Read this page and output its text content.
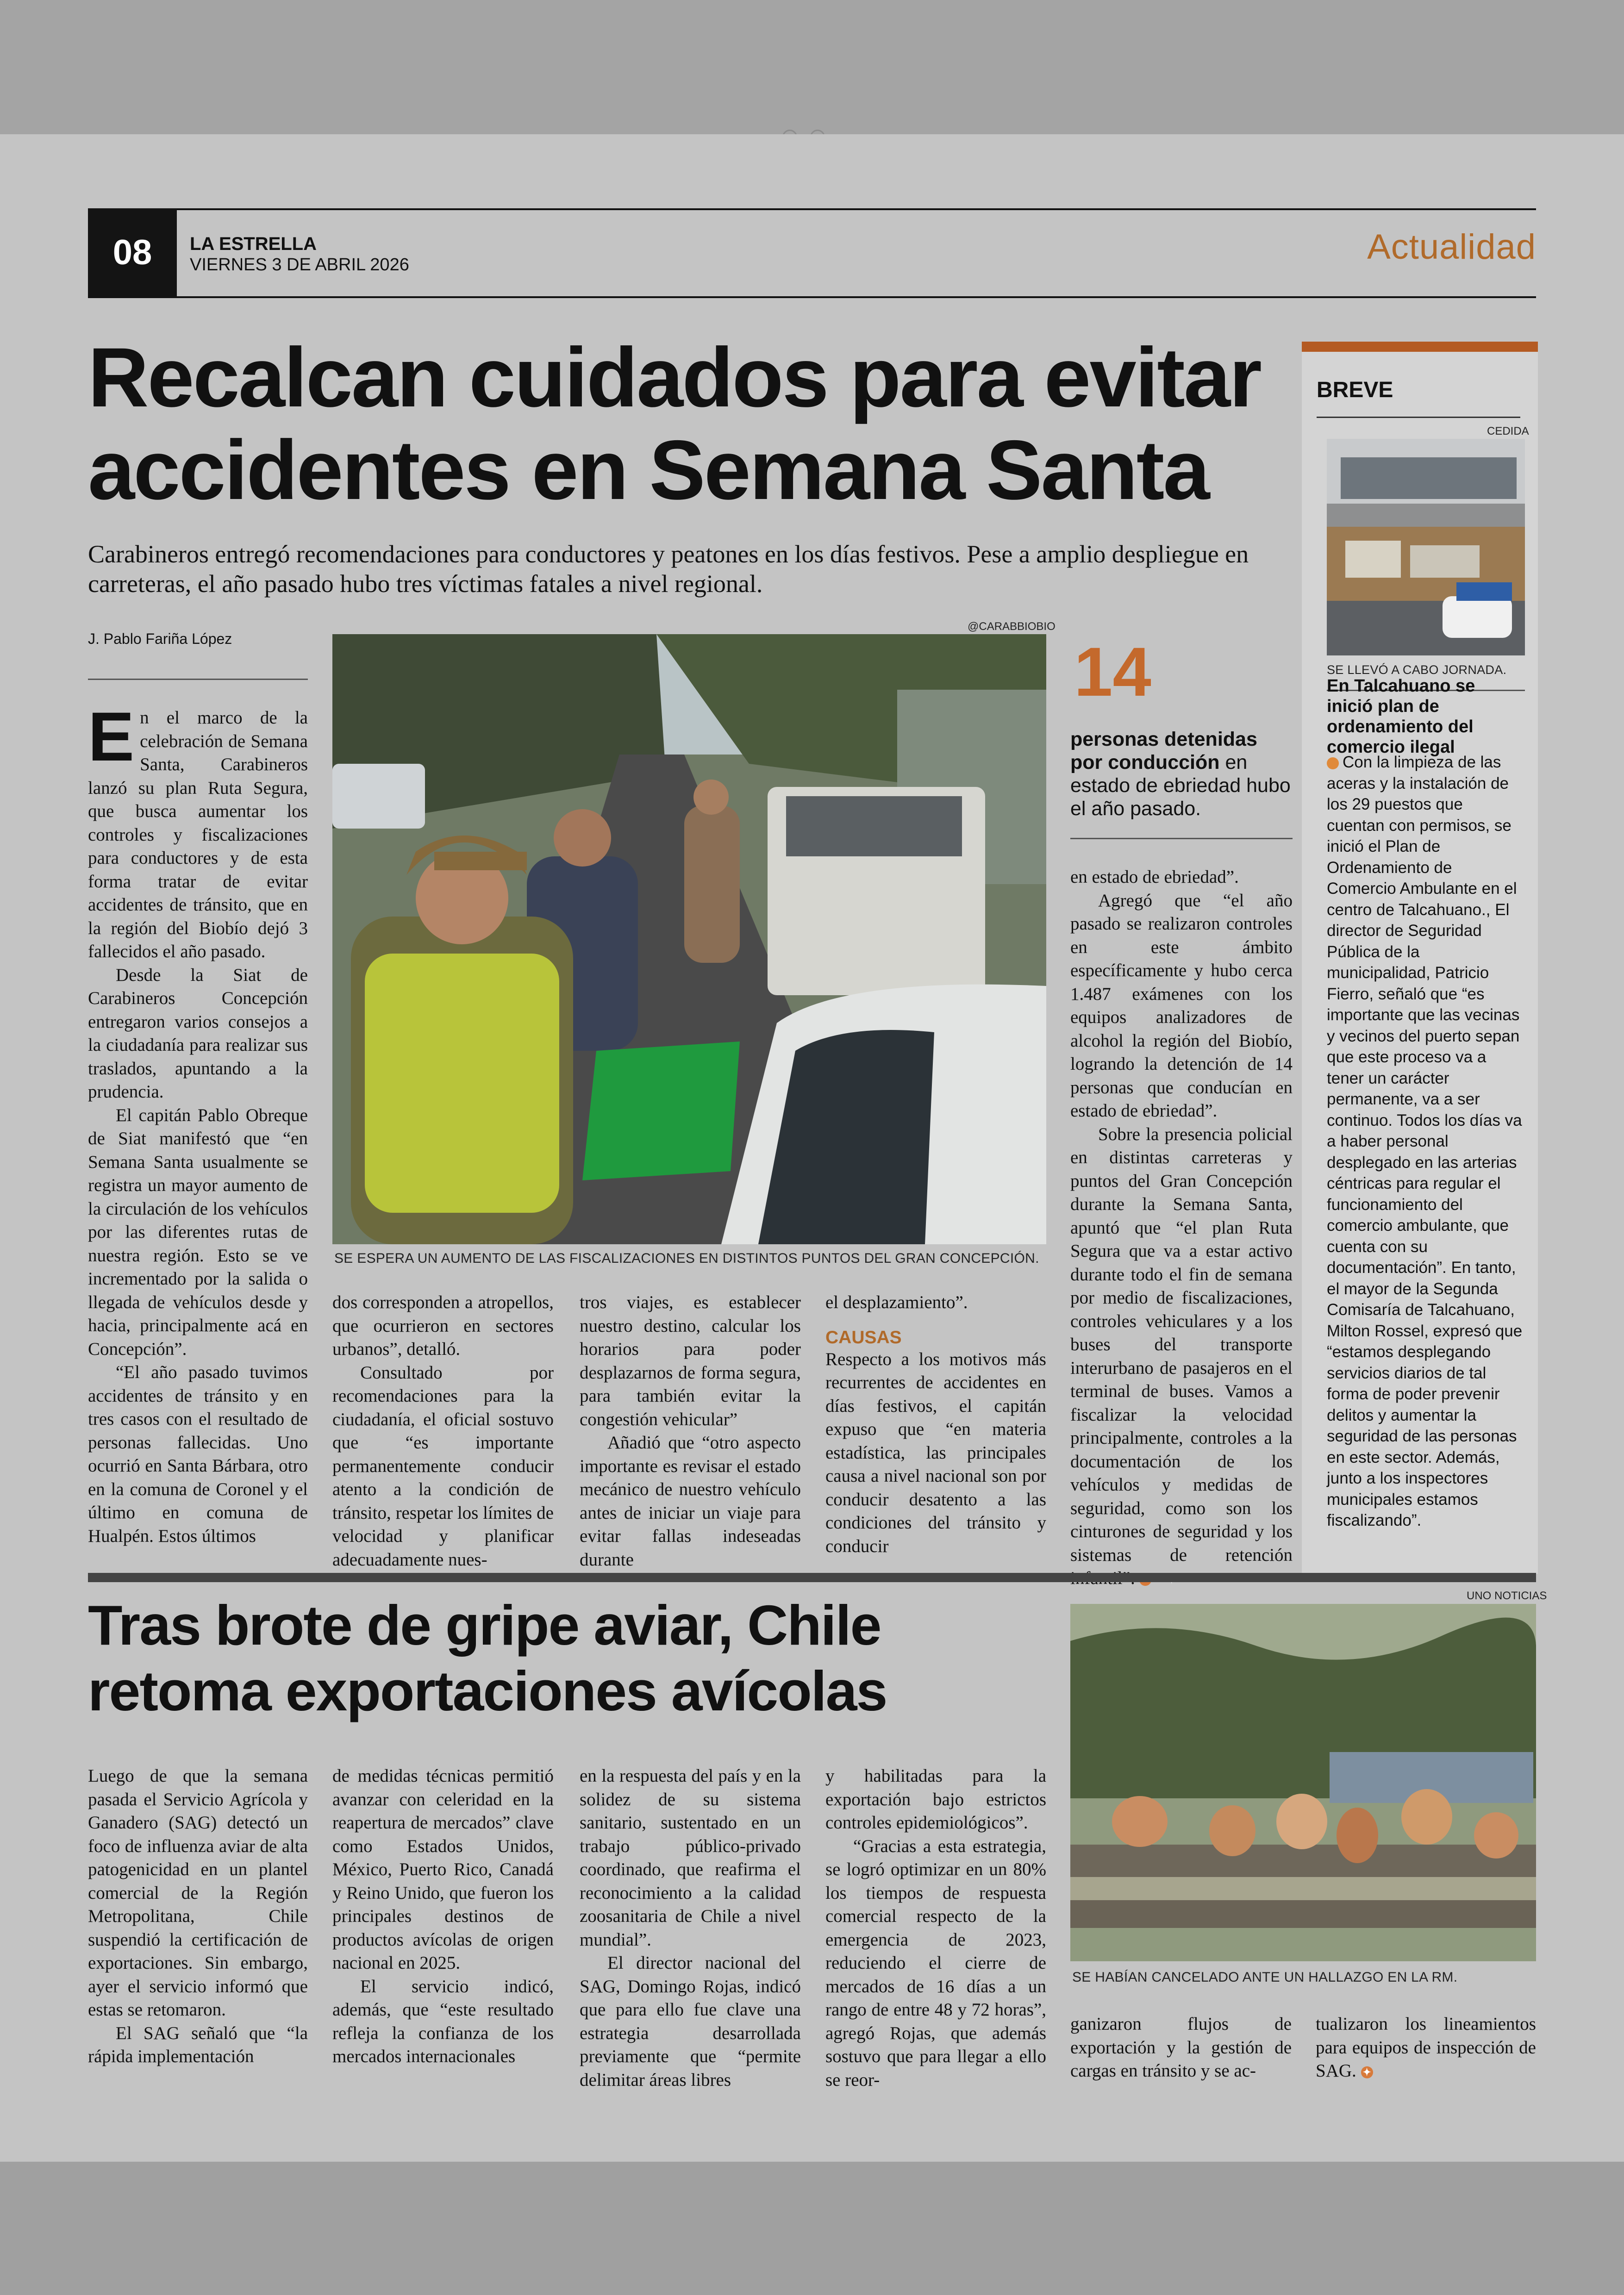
08	LA ESTRELLA
VIERNES 3 DE ABRIL 2026	Actualidad
Recalcan cuidados para evitar accidentes en Semana Santa
Carabineros entregó recomendaciones para conductores y peatones en los días festivos. Pese a amplio despliegue en carreteras, el año pasado hubo tres víctimas fatales a nivel regional.
J. Pablo Fariña López
@CARABBIOBIO
SE ESPERA UN AUMENTO DE LAS FISCALIZACIONES EN DISTINTOS PUNTOS DEL GRAN CONCEPCIÓN.

En el marco de la celebración de Semana Santa, Carabineros lanzó su plan Ruta Segura, que busca aumentar los controles y fiscalizaciones para conductores y de esta forma tratar de evitar accidentes de tránsito, que en la región del Biobío dejó 3 fallecidos el año pasado.

Desde la Siat de Carabineros Concepción entregaron varios consejos a la ciudadanía para realizar sus traslados, apuntando a la prudencia.

El capitán Pablo Obreque de Siat manifestó que “en Semana Santa usualmente se registra un mayor aumento de la circulación de los vehículos por las diferentes rutas de nuestra región. Esto se ve incrementado por la salida o llegada de vehículos desde y hacia, principalmente acá en Concepción”.

“El año pasado tuvimos accidentes de tránsito y en tres casos con el resultado de personas fallecidas. Uno ocurrió en Santa Bárbara, otro en la comuna de Coronel y el último en comuna de Hualpén. Estos últimos

dos corresponden a atropellos, que ocurrieron en sectores urbanos”, detalló.

Consultado por recomendaciones para la ciudadanía, el oficial sostuvo que “es importante permanentemente conducir atento a la condición de tránsito, respetar los límites de velocidad y planificar adecuadamente nues-

tros viajes, es establecer nuestro destino, calcular los horarios para poder desplazarnos de forma segura, para también evitar la congestión vehicular”

Añadió que “otro aspecto importante es revisar el estado mecánico de nuestro vehículo antes de iniciar un viaje para evitar fallas indeseadas durante

el desplazamiento”.

CAUSAS

Respecto a los motivos más recurrentes de accidentes en días festivos, el capitán expuso que “en materia estadística, las principales causa a nivel nacional son por conducir desatento a las condiciones del tránsito y conducir

14
personas detenidas por conducción en estado de ebriedad hubo el año pasado.

en estado de ebriedad”.

Agregó que “el año pasado se realizaron controles en este ámbito específicamente y hubo cerca 1.487 exámenes con los equipos analizadores de alcohol la región del Biobío, logrando la detención de 14 personas que conducían en estado de ebriedad”.

Sobre la presencia policial en distintas carreteras y puntos del Gran Concepción durante la Semana Santa, apuntó que “el plan Ruta Segura que va a estar activo durante todo el fin de semana por medio de fiscalizaciones, controles vehiculares y a los buses del transporte interurbano de pasajeros en el terminal de buses. Vamos a fiscalizar la velocidad principalmente, controles a la documentación de los vehículos y medidas de seguridad, como son los cinturones de seguridad y los sistemas de retención

BREVE
CEDIDA
SE LLEVÓ A CABO JORNADA.
En Talcahuano se inició plan de ordenamiento del comercio ilegal
Con la limpieza de las aceras y la instalación de los 29 puestos que cuentan con permisos, se inició el Plan de Ordenamiento de Comercio Ambulante en el centro de Talcahuano., El director de Seguridad Pública de la municipalidad, Patricio Fierro, señaló que “es importante que las vecinas y vecinos del puerto sepan que este proceso va a tener un carácter permanente, va a ser continuo. Todos los días va a haber personal desplegado en las arterias céntricas para regular el funcionamiento del comercio ambulante, que cuenta con su documentación”. En tanto, el mayor de la Segunda Comisaría de Talcahuano, Milton Rossel, expresó que “estamos desplegando servicios diarios de tal forma de poder prevenir delitos y aumentar la seguridad de las personas en este sector. Además, junto a los inspectores municipales estamos fiscalizando”.
Tras brote de gripe aviar, Chile retoma exportaciones avícolas
UNO NOTICIAS
SE HABÍAN CANCELADO ANTE UN HALLAZGO EN LA RM.

Luego de que la semana pasada el Servicio Agrícola y Ganadero (SAG) detectó un foco de influenza aviar de alta patogenicidad en un plantel comercial de la Región Metropolitana, Chile suspendió la certificación de exportaciones. Sin embargo, ayer el servicio informó que estas se retomaron.

El SAG señaló que “la rápida implementación

de medidas técnicas permitió avanzar con celeridad en la reapertura de mercados” clave como Estados Unidos, México, Puerto Rico, Canadá y Reino Unido, que fueron los principales destinos de productos avícolas de origen nacional en 2025.

El servicio indicó, además, que “este resultado refleja la confianza de los mercados internacionales

en la respuesta del país y en la solidez de su sistema sanitario, sustentado en un trabajo público-privado coordinado, que reafirma el reconocimiento a la calidad zoosanitaria de Chile a nivel mundial”.

El director nacional del SAG, Domingo Rojas, indicó que para ello fue clave una estrategia desarrollada previamente que “permite delimitar áreas libres

y habilitadas para la exportación bajo estrictos controles epidemiológicos”.

“Gracias a esta estrategia, se logró optimizar en un 80% los tiempos de respuesta comercial respecto de la emergencia de 2023, reduciendo el cierre de mercados de 16 días a un rango de entre 48 y 72 horas”, agregó Rojas, que además sostuvo que para llegar a ello se reor-

ganizaron flujos de exportación y la gestión de cargas en tránsito y se ac-

tualizaron los lineamientos para equipos de inspección de SAG. ✦
